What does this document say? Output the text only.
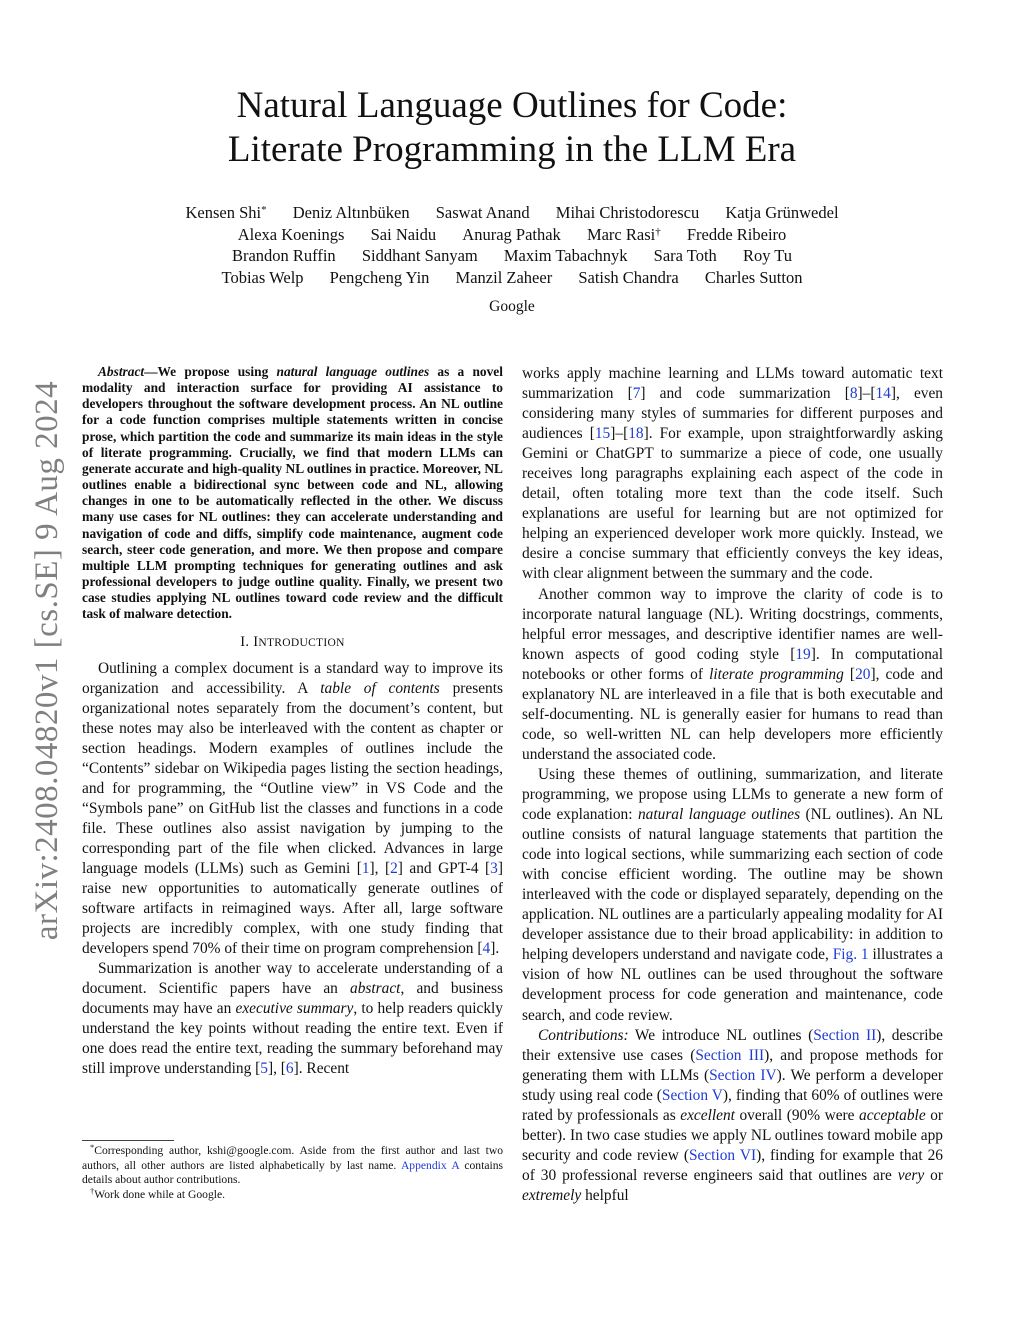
arXiv:2408.04820v1 [cs.SE] 9 Aug 2024
Natural Language Outlines for Code:
Literate Programming in the LLM Era
Kensen Shi* Deniz Altınbüken Saswat Anand Mihai Christodorescu Katja Grünwedel
Alexa Koenings Sai Naidu Anurag Pathak Marc Rasi† Fredde Ribeiro
Brandon Ruffin Siddhant Sanyam Maxim Tabachnyk Sara Toth Roy Tu
Tobias Welp Pengcheng Yin Manzil Zaheer Satish Chandra Charles Sutton
Google

Abstract—We propose using natural language outlines as a novel modality and interaction surface for providing AI assistance to developers throughout the software development process. An NL outline for a code function comprises multiple statements written in concise prose, which partition the code and summarize its main ideas in the style of literate programming. Crucially, we find that modern LLMs can generate accurate and high-quality NL outlines in practice. Moreover, NL outlines enable a bidirectional sync between code and NL, allowing changes in one to be automatically reflected in the other. We discuss many use cases for NL outlines: they can accelerate understanding and navigation of code and diffs, simplify code maintenance, augment code search, steer code generation, and more. We then propose and compare multiple LLM prompting techniques for generating outlines and ask professional developers to judge outline quality. Finally, we present two case studies applying NL outlines toward code review and the difficult task of malware detection.

I. INTRODUCTION

Outlining a complex document is a standard way to improve its organization and accessibility. A table of contents presents organizational notes separately from the document’s content, but these notes may also be interleaved with the content as chapter or section headings. Modern examples of outlines include the “Contents” sidebar on Wikipedia pages listing the section headings, and for programming, the “Outline view” in VS Code and the “Symbols pane” on GitHub list the classes and functions in a code file. These outlines also assist navigation by jumping to the corresponding part of the file when clicked. Advances in large language models (LLMs) such as Gemini [1], [2] and GPT-4 [3] raise new opportunities to automatically generate outlines of software artifacts in reimagined ways. After all, large software projects are incredibly complex, with one study finding that developers spend 70% of their time on program comprehension [4].

Summarization is another way to accelerate understanding of a document. Scientific papers have an abstract, and business documents may have an executive summary, to help readers quickly understand the key points without reading the entire text. Even if one does read the entire text, reading the summary beforehand may still improve understanding [5], [6]. Recent

*Corresponding author, kshi@google.com. Aside from the first author and last two authors, all other authors are listed alphabetically by last name. Appendix A contains details about author contributions.

†Work done while at Google.

works apply machine learning and LLMs toward automatic text summarization [7] and code summarization [8]–[14], even considering many styles of summaries for different purposes and audiences [15]–[18]. For example, upon straightforwardly asking Gemini or ChatGPT to summarize a piece of code, one usually receives long paragraphs explaining each aspect of the code in detail, often totaling more text than the code itself. Such explanations are useful for learning but are not optimized for helping an experienced developer work more quickly. Instead, we desire a concise summary that efficiently conveys the key ideas, with clear alignment between the summary and the code.

Another common way to improve the clarity of code is to incorporate natural language (NL). Writing docstrings, comments, helpful error messages, and descriptive identifier names are well-known aspects of good coding style [19]. In computational notebooks or other forms of literate programming [20], code and explanatory NL are interleaved in a file that is both executable and self-documenting. NL is generally easier for humans to read than code, so well-written NL can help developers more efficiently understand the associated code.

Using these themes of outlining, summarization, and literate programming, we propose using LLMs to generate a new form of code explanation: natural language outlines (NL outlines). An NL outline consists of natural language statements that partition the code into logical sections, while summarizing each section of code with concise efficient wording. The outline may be shown interleaved with the code or displayed separately, depending on the application. NL outlines are a particularly appealing modality for AI developer assistance due to their broad applicability: in addition to helping developers understand and navigate code, Fig. 1 illustrates a vision of how NL outlines can be used throughout the software development process for code generation and maintenance, code search, and code review.

Contributions: We introduce NL outlines (Section II), describe their extensive use cases (Section III), and propose methods for generating them with LLMs (Section IV). We perform a developer study using real code (Section V), finding that 60% of outlines were rated by professionals as excellent overall (90% were acceptable or better). In two case studies we apply NL outlines toward mobile app security and code review (Section VI), finding for example that 26 of 30 professional reverse engineers said that outlines are very or extremely helpful
